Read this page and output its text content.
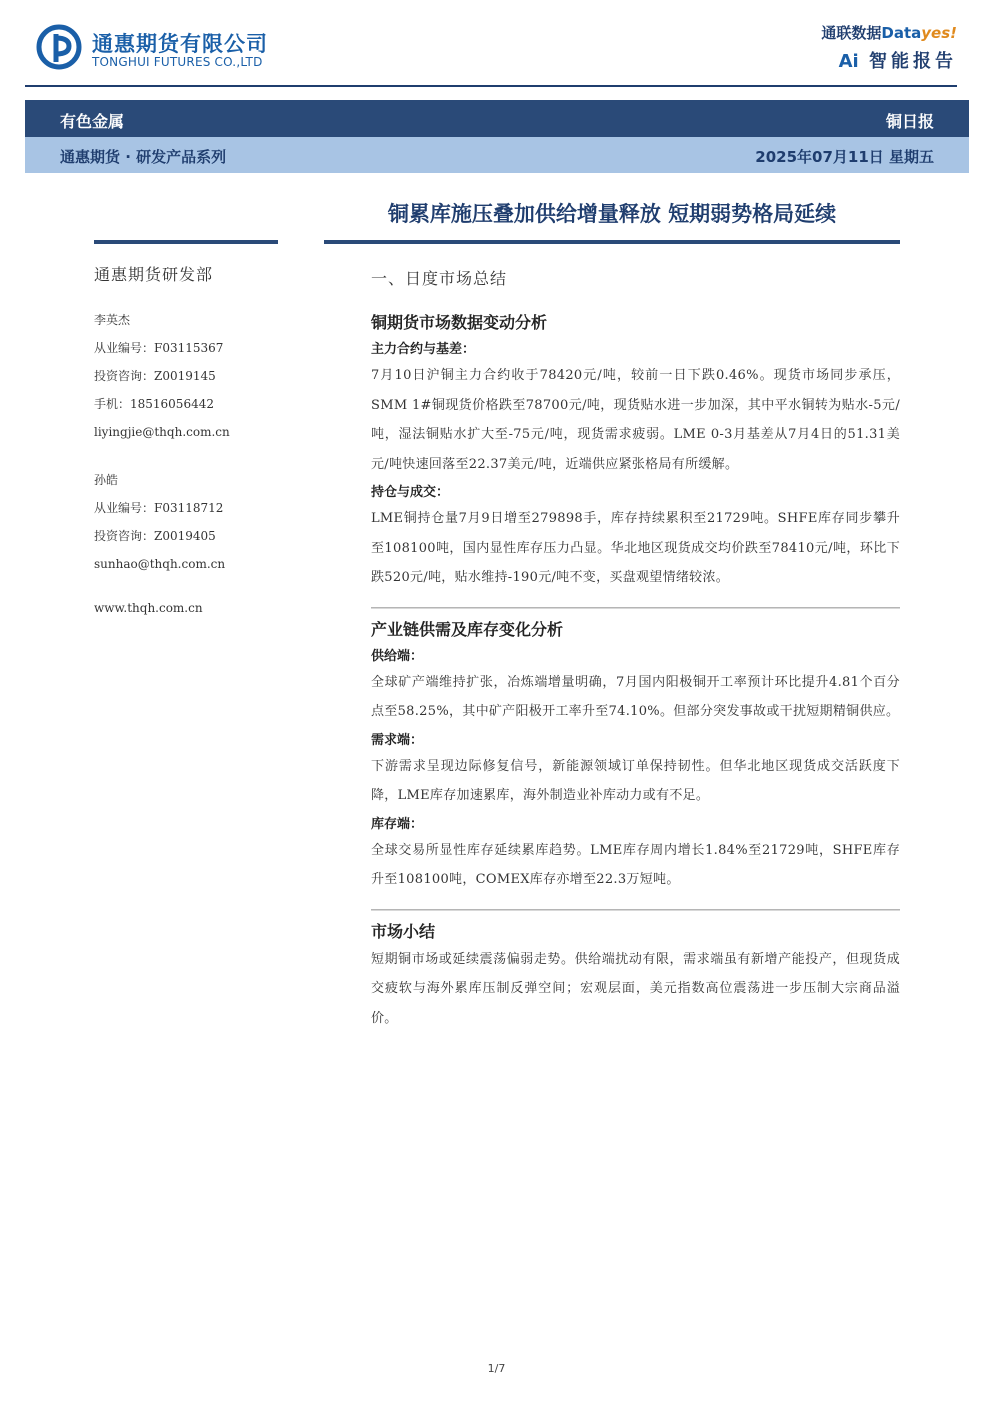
通惠期货有限公司
TONGHUI FUTURES CO.,LTD
通联数据Datayes!
Ai 智能报告
有色金属	铜日报
通惠期货 · 研发产品系列	2025年07月11日 星期五
铜累库施压叠加供给增量释放 短期弱势格局延续
通惠期货研发部
李英杰
从业编号：F03115367
投资咨询：Z0019145
手机：18516056442
liyingjie@thqh.com.cn
孙皓
从业编号：F03118712
投资咨询：Z0019405
sunhao@thqh.com.cn
www.thqh.com.cn
一、日度市场总结
铜期货市场数据变动分析
主力合约与基差：
7月10日沪铜主力合约收于78420元/吨，较前一日下跌0.46%。现货市场同步承压，SMM 1#铜现货价格跌至78700元/吨，现货贴水进一步加深，其中平水铜转为贴水-5元/吨，湿法铜贴水扩大至-75元/吨，现货需求疲弱。LME 0-3月基差从7月4日的51.31美元/吨快速回落至22.37美元/吨，近端供应紧张格局有所缓解。
持仓与成交：
LME铜持仓量7月9日增至279898手，库存持续累积至21729吨。SHFE库存同步攀升至108100吨，国内显性库存压力凸显。华北地区现货成交均价跌至78410元/吨，环比下跌520元/吨，贴水维持-190元/吨不变，买盘观望情绪较浓。
产业链供需及库存变化分析
供给端：
全球矿产端维持扩张，冶炼端增量明确，7月国内阳极铜开工率预计环比提升4.81个百分点至58.25%，其中矿产阳极开工率升至74.10%。但部分突发事故或干扰短期精铜供应。
需求端：
下游需求呈现边际修复信号，新能源领域订单保持韧性。但华北地区现货成交活跃度下降，LME库存加速累库，海外制造业补库动力或有不足。
库存端：
全球交易所显性库存延续累库趋势。LME库存周内增长1.84%至21729吨，SHFE库存升至108100吨，COMEX库存亦增至22.3万短吨。
市场小结
短期铜市场或延续震荡偏弱走势。供给端扰动有限，需求端虽有新增产能投产，但现货成交疲软与海外累库压制反弹空间；宏观层面，美元指数高位震荡进一步压制大宗商品溢价。
1/7
